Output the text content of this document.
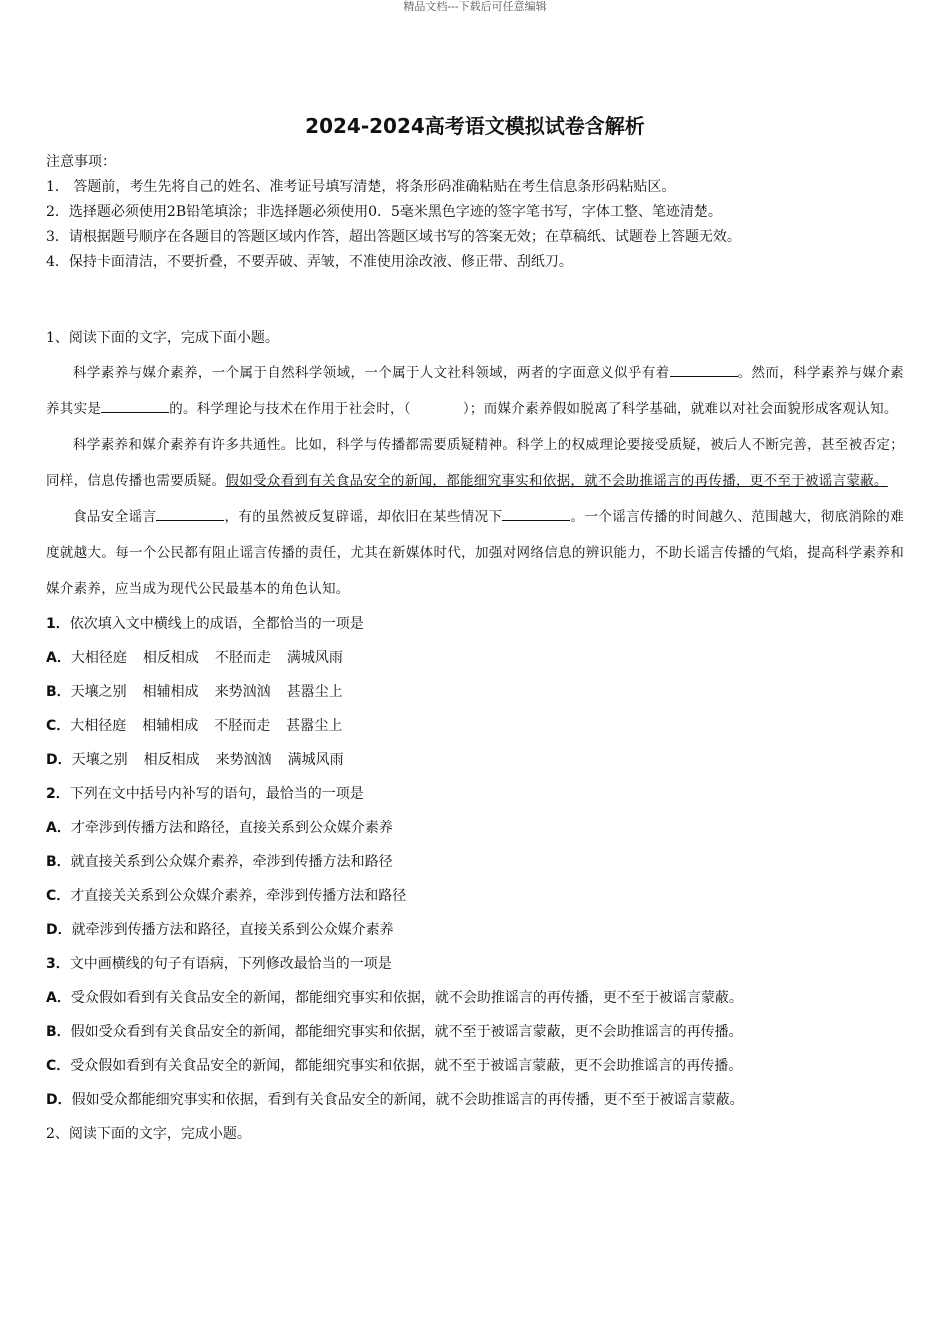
精品文档---下载后可任意编辑
2024-2024高考语文模拟试卷含解析
注意事项：
1． 答题前，考生先将自己的姓名、准考证号填写清楚，将条形码准确粘贴在考生信息条形码粘贴区。
2．选择题必须使用2B铅笔填涂；非选择题必须使用0．5毫米黑色字迹的签字笔书写，字体工整、笔迹清楚。
3．请根据题号顺序在各题目的答题区域内作答，超出答题区域书写的答案无效；在草稿纸、试题卷上答题无效。
4．保持卡面清洁，不要折叠，不要弄破、弄皱，不准使用涂改液、修正带、刮纸刀。
1、阅读下面的文字，完成下面小题。
科学素养与媒介素养，一个属于自然科学领域，一个属于人文社科领域，两者的字面意义似乎有着	。然而，科学素养与媒介素养其实是	的。科学理论与技术在作用于社会时，（	）；而媒介素养假如脱离了科学基础，就难以对社会面貌形成客观认知。
科学素养和媒介素养有许多共通性。比如，科学与传播都需要质疑精神。科学上的权威理论要接受质疑，被后人不断完善，甚至被否定；同样，信息传播也需要质疑。假如受众看到有关食品安全的新闻，都能细究事实和依据，就不会助推谣言的再传播，更不至于被谣言蒙蔽。
食品安全谣言	，有的虽然被反复辟谣，却依旧在某些情况下	。一个谣言传播的时间越久、范围越大，彻底消除的难度就越大。每一个公民都有阻止谣言传播的责任，尤其在新媒体时代，加强对网络信息的辨识能力，不助长谣言传播的气焰，提高科学素养和媒介素养，应当成为现代公民最基本的角色认知。
1．依次填入文中横线上的成语，全都恰当的一项是
A．大相径庭 相反相成 不胫而走 满城风雨
B．天壤之别 相辅相成 来势汹汹 甚嚣尘上
C．大相径庭 相辅相成 不胫而走 甚嚣尘上
D．天壤之别 相反相成 来势汹汹 满城风雨
2．下列在文中括号内补写的语句，最恰当的一项是
A．才牵涉到传播方法和路径，直接关系到公众媒介素养
B．就直接关系到公众媒介素养，牵涉到传播方法和路径
C．才直接关关系到公众媒介素养，牵涉到传播方法和路径
D．就牵涉到传播方法和路径，直接关系到公众媒介素养
3．文中画横线的句子有语病，下列修改最恰当的一项是
A．受众假如看到有关食品安全的新闻，都能细究事实和依据，就不会助推谣言的再传播，更不至于被谣言蒙蔽。
B．假如受众看到有关食品安全的新闻，都能细究事实和依据，就不至于被谣言蒙蔽，更不会助推谣言的再传播。
C．受众假如看到有关食品安全的新闻，都能细究事实和依据，就不至于被谣言蒙蔽，更不会助推谣言的再传播。
D．假如受众都能细究事实和依据，看到有关食品安全的新闻，就不会助推谣言的再传播，更不至于被谣言蒙蔽。
2、阅读下面的文字，完成小题。
